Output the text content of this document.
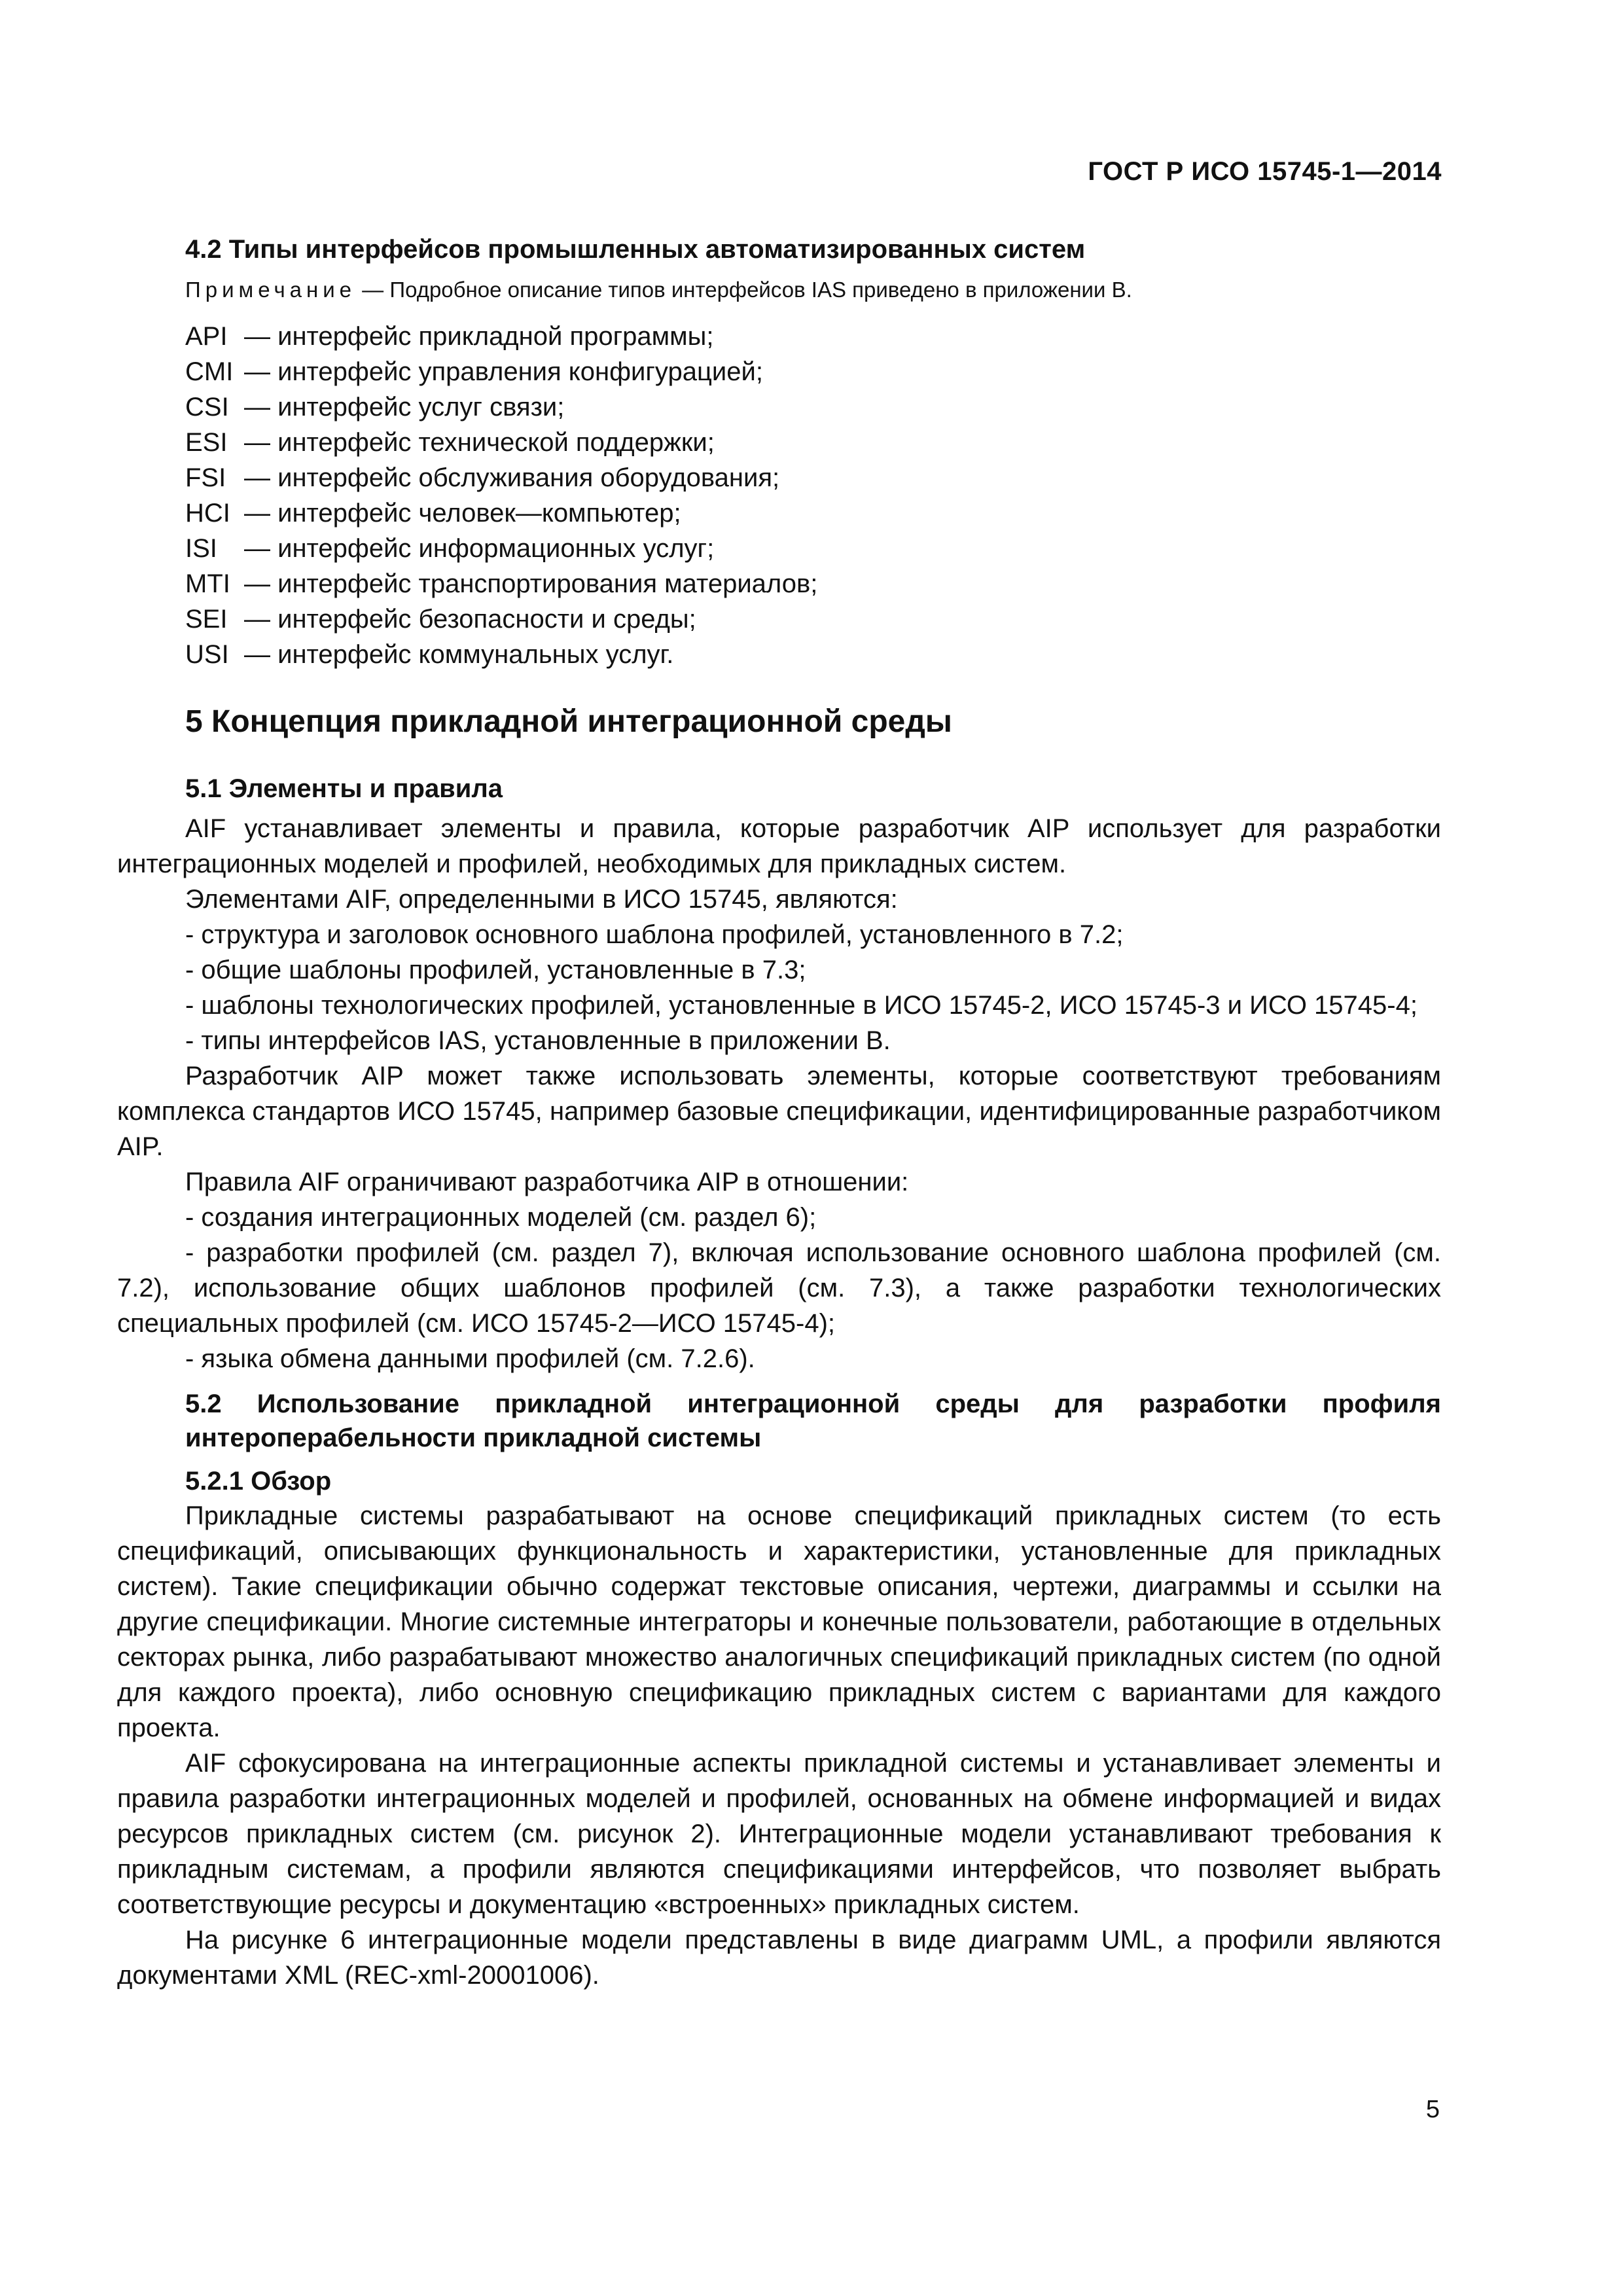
ГОСТ Р ИСО 15745-1—2014
4.2 Типы интерфейсов промышленных автоматизированных систем
Примечание — Подробное описание типов интерфейсов IAS приведено в приложении B.
API — интерфейс прикладной программы;
CMI — интерфейс управления конфигурацией;
CSI — интерфейс услуг связи;
ESI — интерфейс технической поддержки;
FSI — интерфейс обслуживания оборудования;
HCI — интерфейс человек—компьютер;
ISI	— интерфейс информационных услуг;
MTI — интерфейс транспортирования материалов;
SEI — интерфейс безопасности и среды;
USI — интерфейс коммунальных услуг.
5 Концепция прикладной интеграционной среды
5.1 Элементы и правила

AIF устанавливает элементы и правила, которые разработчик AIP использует для разработки интеграционных моделей и профилей, необходимых для прикладных систем.

Элементами AIF, определенными в ИСО 15745, являются:

- структура и заголовок основного шаблона профилей, установленного в 7.2;

- общие шаблоны профилей, установленные в 7.3;

- шаблоны технологических профилей, установленные в ИСО 15745-2, ИСО 15745-3 и ИСО 15745-4;

- типы интерфейсов IAS, установленные в приложении B.

Разработчик AIP может также использовать элементы, которые соответствуют требованиям комплекса стандартов ИСО 15745, например базовые спецификации, идентифицированные разработчиком AIP.

Правила AIF ограничивают разработчика AIP в отношении:

- создания интеграционных моделей (см. раздел 6);

- разработки профилей (см. раздел 7), включая использование основного шаблона профилей (см. 7.2), использование общих шаблонов профилей (см. 7.3), а также разработки технологических специальных профилей (см. ИСО 15745-2—ИСО 15745-4);

- языка обмена данными профилей (см. 7.2.6).

5.2 Использование прикладной интеграционной среды для разработки профиля интероперабельности прикладной системы
5.2.1 Обзор

Прикладные системы разрабатывают на основе спецификаций прикладных систем (то есть спецификаций, описывающих функциональность и характеристики, установленные для прикладных систем). Такие спецификации обычно содержат текстовые описания, чертежи, диаграммы и ссылки на другие спецификации. Многие системные интеграторы и конечные пользователи, работающие в отдельных секторах рынка, либо разрабатывают множество аналогичных спецификаций прикладных систем (по одной для каждого проекта), либо основную спецификацию прикладных систем с вариантами для каждого проекта.

AIF сфокусирована на интеграционные аспекты прикладной системы и устанавливает элементы и правила разработки интеграционных моделей и профилей, основанных на обмене информацией и видах ресурсов прикладных систем (см. рисунок 2). Интеграционные модели устанавливают требования к прикладным системам, а профили являются спецификациями интерфейсов, что позволяет выбрать соответствующие ресурсы и документацию «встроенных» прикладных систем.

На рисунке 6 интеграционные модели представлены в виде диаграмм UML, а профили являются документами XML (REC-xml-20001006).

5
